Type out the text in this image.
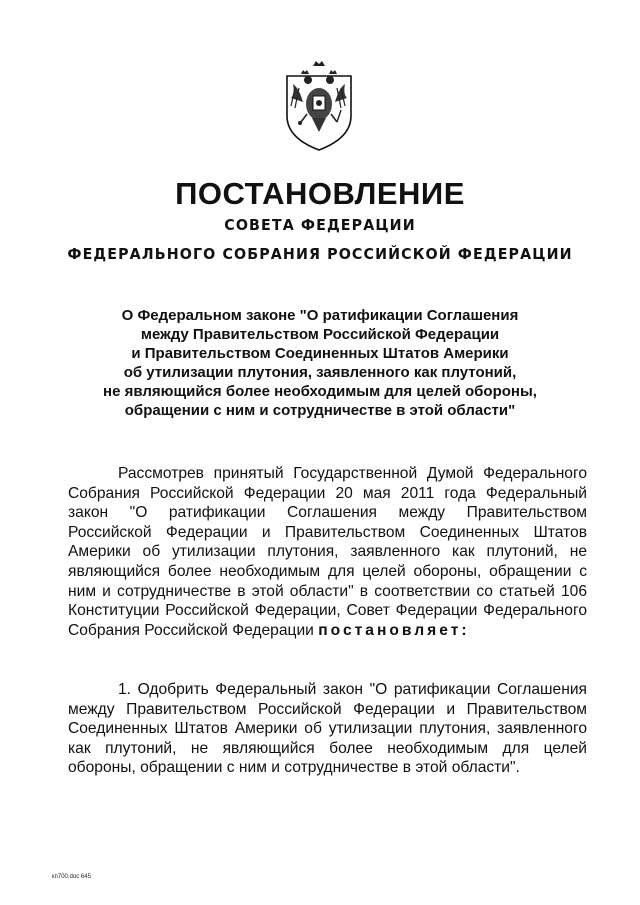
ПОСТАНОВЛЕНИЕ
СОВЕТА ФЕДЕРАЦИИ
ФЕДЕРАЛЬНОГО СОБРАНИЯ РОССИЙСКОЙ ФЕДЕРАЦИИ
О Федеральном законе "О ратификации Соглашения
между Правительством Российской Федерации
и Правительством Соединенных Штатов Америки
об утилизации плутония, заявленного как плутоний,
не являющийся более необходимым для целей обороны,
обращении с ним и сотрудничестве в этой области"

Рассмотрев принятый Государственной Думой Федерального Собрания Российской Федерации 20 мая 2011 года Федеральный закон "О ратификации Соглашения между Правительством Российской Федерации и Правительством Соединенных Штатов Америки об утилизации плутония, заявленного как плутоний, не являющийся более необходимым для целей обороны, обращении с ним и сотрудничестве в этой области" в соответствии со статьей 106 Конституции Российской Федерации, Совет Федерации Федерального Собрания Российской Федерации постановляет:

1. Одобрить Федеральный закон "О ратификации Соглашения между Правительством Российской Федерации и Правительством Соединенных Штатов Америки об утилизации плутония, заявленного как плутоний, не являющийся более необходимым для целей обороны, обращении с ним и сотрудничестве в этой области".

кп700.doc 645
